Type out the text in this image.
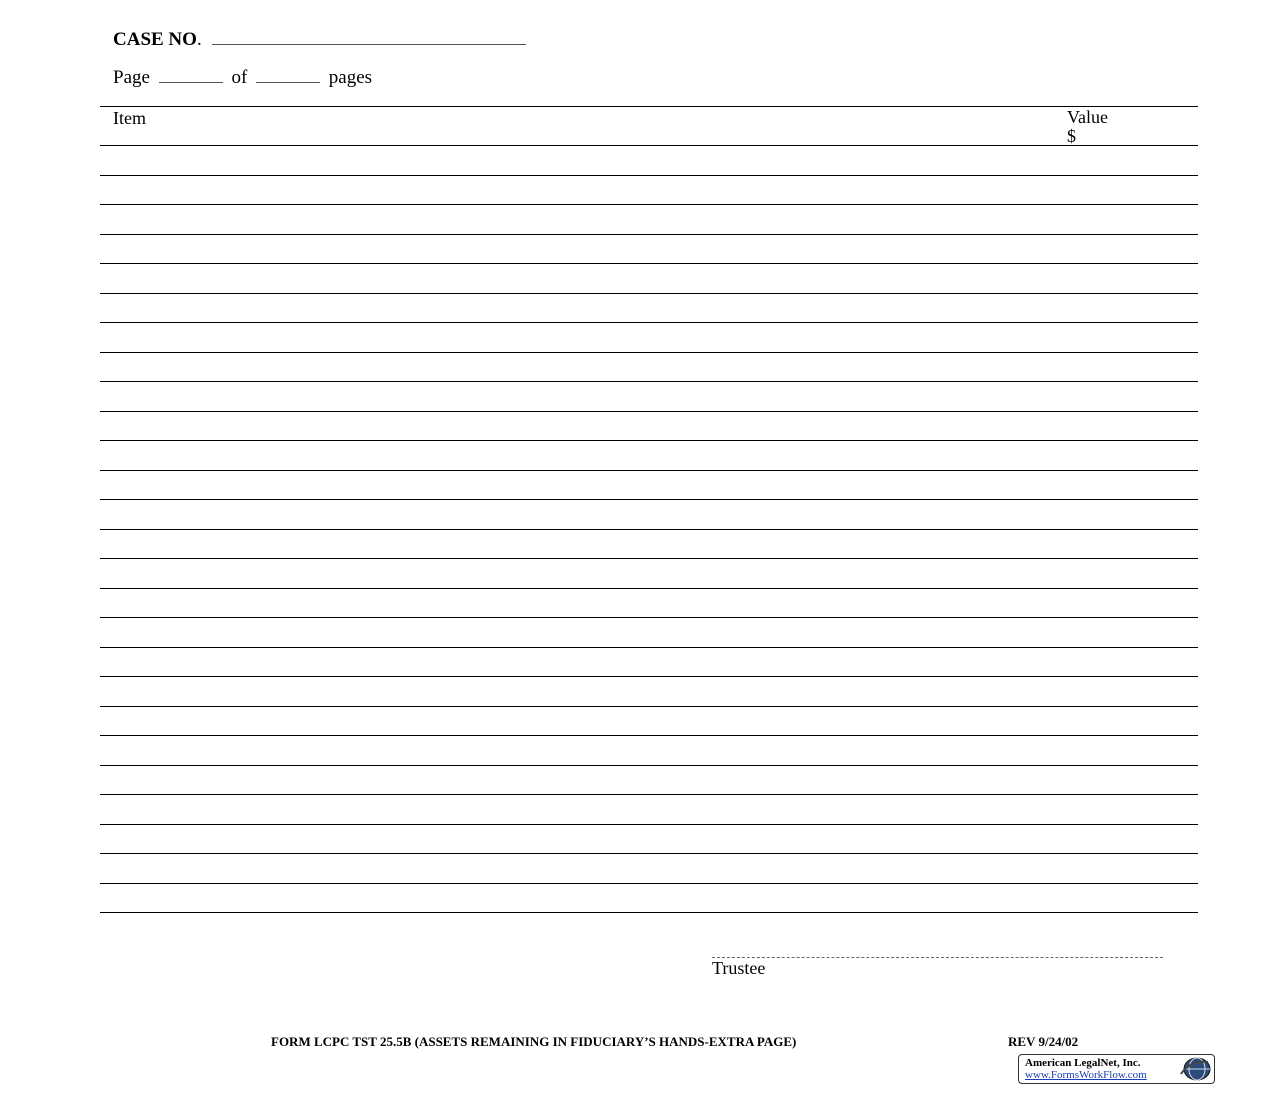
CASE NO.
Page	of	pages
Item	Value
$
Trustee
FORM LCPC TST 25.5B (ASSETS REMAINING IN FIDUCIARY’S HANDS-EXTRA PAGE)	REV 9/24/02
American LegalNet, Inc.
www.FormsWorkFlow.com
